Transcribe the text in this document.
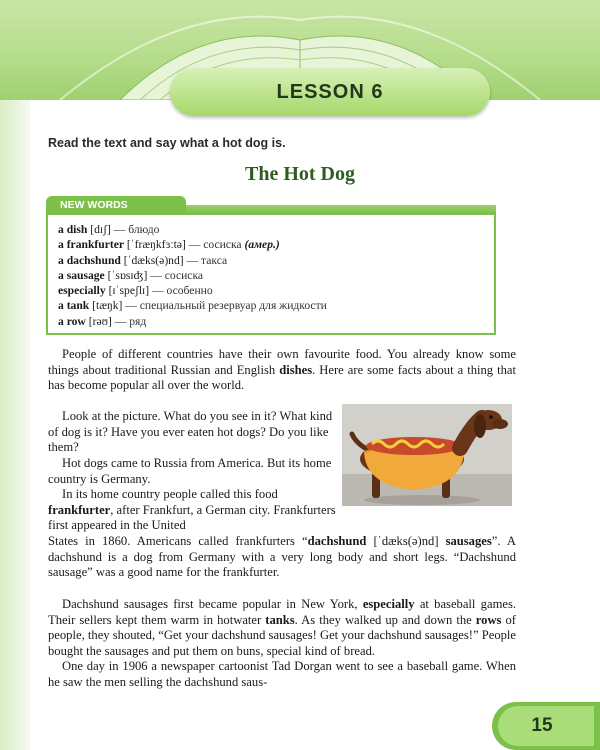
LESSON 6
Read the text and say what a hot dog is.
The Hot Dog
NEW WORDS
a dish [dɪʃ] — блюдо
a frankfurter [ˈfræŋkfɜːtə] — сосиска (амер.)
a dachshund [ˈdæks(ə)nd] — такса
a sausage [ˈsɒsɪʤ] — сосиска
especially [ɪˈspeʃlɪ] — особенно
a tank [tæŋk] — специальный резервуар для жидкости
a row [rəʊ] — ряд
People of different countries have their own favourite food. You already know some things about traditional Russian and English dishes. Here are some facts about a thing that has become popular all over the world.
Look at the picture. What do you see in it? What kind of dog is it? Have you ever eaten hot dogs? Do you like them?
Hot dogs came to Russia from America. But its home country is Germany.
In its home country people called this food frankfurter, after Frankfurt, a German city. Frankfurters first appeared in the United
States in 1860. Americans called frankfurters “dachshund [ˈdæks(ə)nd] sausages”. A dachshund is a dog from Germany with a very long body and short legs. “Dachshund sausage” was a good name for the frankfurter.
Dachshund sausages first became popular in New York, especially at baseball games. Their sellers kept them warm in hotwater tanks. As they walked up and down the rows of people, they shouted, “Get your dachshund sausages! Get your dachshund sausages!” People bought the sausages and put them on buns, special kind of bread.
One day in 1906 a newspaper cartoonist Tad Dorgan went to see a baseball game. When he saw the men selling the dachshund saus-
15
